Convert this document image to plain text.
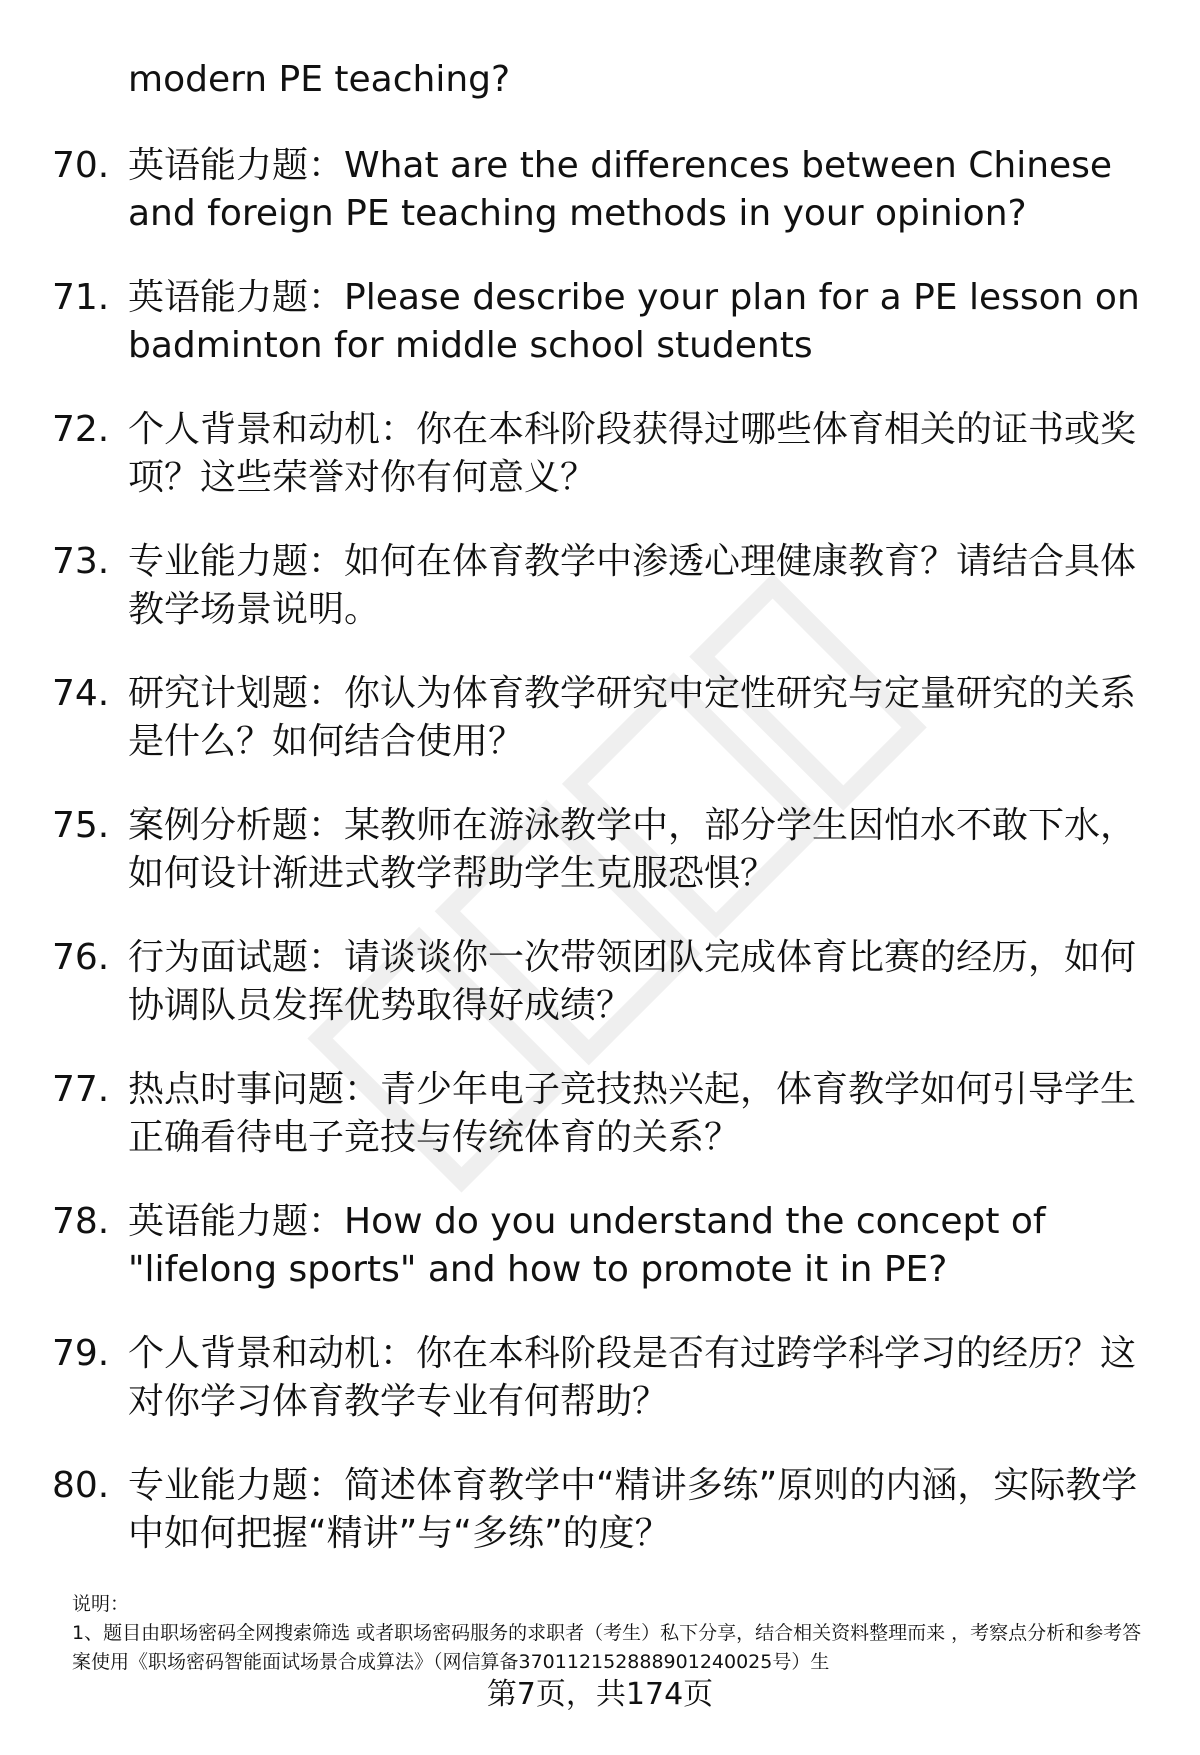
modern PE teaching?
70. 英语能力题：What are the differences between Chinese and foreign PE teaching methods in your opinion?
71. 英语能力题：Please describe your plan for a PE lesson on badminton for middle school students
72. 个人背景和动机：你在本科阶段获得过哪些体育相关的证书或奖项？这些荣誉对你有何意义？
73. 专业能力题：如何在体育教学中渗透心理健康教育？请结合具体教学场景说明。
74. 研究计划题：你认为体育教学研究中定性研究与定量研究的关系是什么？如何结合使用？
75. 案例分析题：某教师在游泳教学中，部分学生因怕水不敢下水，如何设计渐进式教学帮助学生克服恐惧？
76. 行为面试题：请谈谈你一次带领团队完成体育比赛的经历，如何协调队员发挥优势取得好成绩？
77. 热点时事问题：青少年电子竞技热兴起，体育教学如何引导学生正确看待电子竞技与传统体育的关系？
78. 英语能力题：How do you understand the concept of "lifelong sports" and how to promote it in PE?
79. 个人背景和动机：你在本科阶段是否有过跨学科学习的经历？这对你学习体育教学专业有何帮助？
80. 专业能力题：简述体育教学中“精讲多练”原则的内涵，实际教学中如何把握“精讲”与“多练”的度？
说明：
1、题目由职场密码全网搜索筛选 或者职场密码服务的求职者（考生）私下分享，结合相关资料整理而来 ，考察点分析和参考答案使用《职场密码智能面试场景合成算法》（网信算备370112152888901240025号）生
第7页，共174页
